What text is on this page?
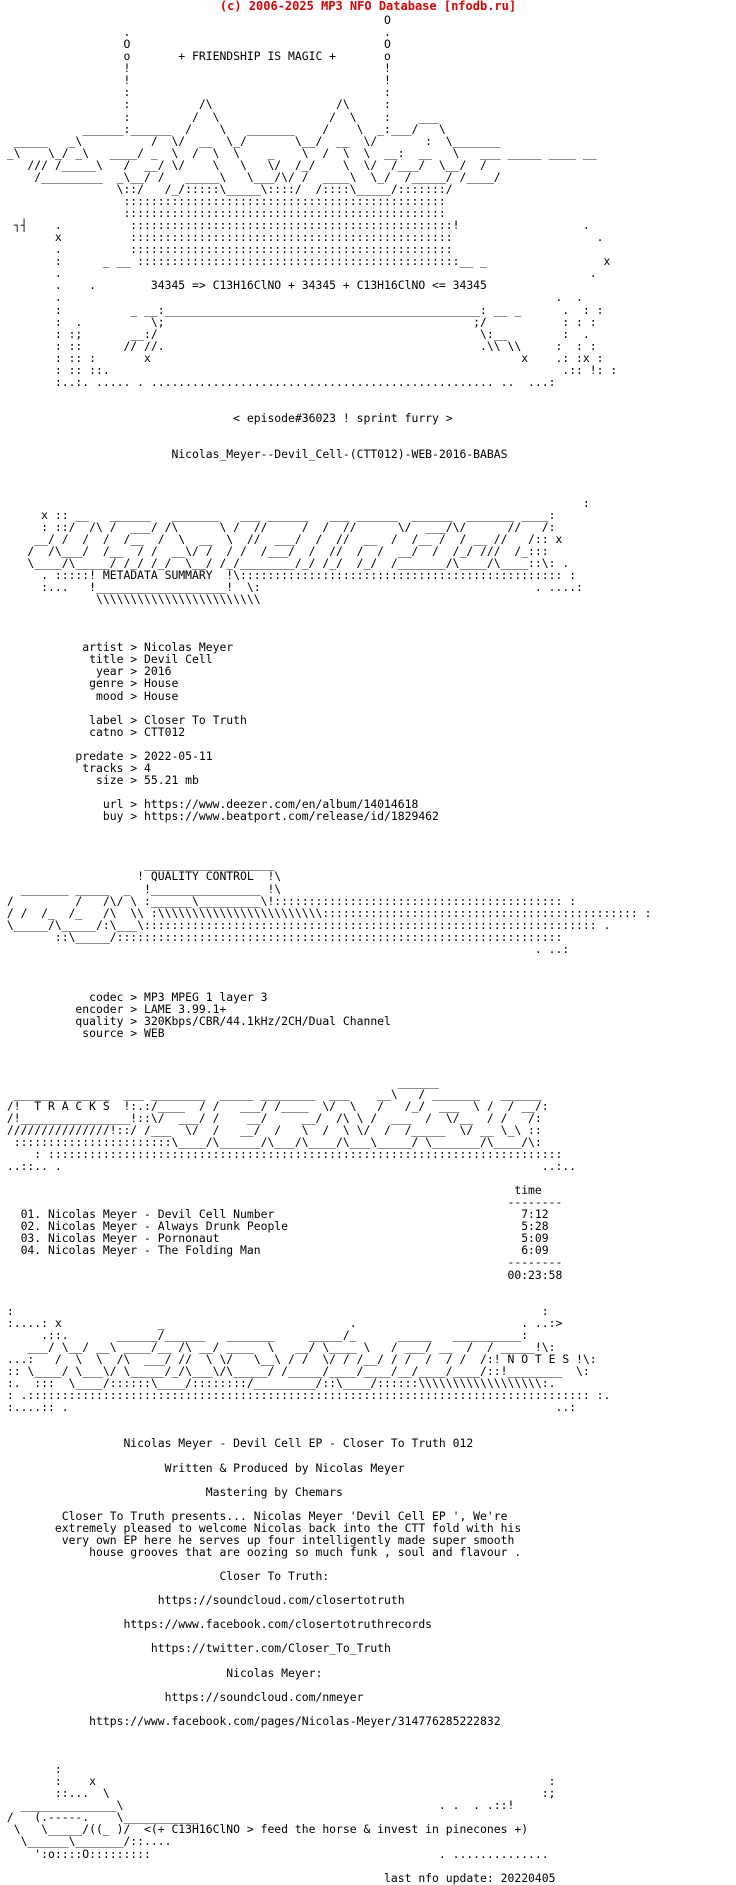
(c) 2006-2025 MP3 NFO Database [nfodb.ru]
O
.                                     .
O                                     O
o       + FRIENDSHIP IS MAGIC +       o
!                                     !
!                                     !
:                                     :
:          /\                  /\     :
:         /  \                /  \    :    ___
______:______  /    \   _______    /    \  _:___/   \
_____   _\          /  \/  __  \_/       \__/  __  \/       :  \_______
_\    \_/ _\   ____/ _  \  /  \  \    _    \  /  \  \  __:  __   \   ___ _____ ____ __
/// /_____\   /  __/ \/    \   \   \/  /_/    \  \/  /___/  \__/  /
/_________  _\__/ /   _____\   \___/\/ /  ____\  \_/  /_____/ /____/
\::/   /_/:::::\_____\::::/  /::::\_____/:::::::/
:::::::::::::::::::::::::::::::::::::::::::::::
:::::::::::::::::::::::::::::::::::::::::::::::
┐┤    .          :::::::::::::::::::::::::::::::::::::::::::::::!                  .
x          :::::::::::::::::::::::::::::::::::::::::::::::                     .
.          :::::::::::::::::::::::::::::::::::::::::::::::
:      _ __ :::::::::::::::::::::::::::::::::::::::::::::::__ _                 x
.                                                                             .
.    .        34345 => C13H16ClNO + 34345 + C13H16ClNO <= 34345
.                                                                        .  .
:          _ __:______________________________________________: __ _      .  : :
:  .          \;                                             ;/           : : :
: :;       __:/                                               \:__        :  .
: ::      // //.                                              .\\ \\     :  : :
: :: :       x                                                      x    .: :x :
: :: ::.                                                                  .:: !: :
:..:. ..... . .................................................. ..  ...:

< episode#36023 ! sprint furry >

Nicolas_Meyer--Devil_Cell-(CTT012)-WEB-2016-BABAS

:
x :: __   ______   _______   ___ ______   ___ ______  ______  _______ ____:
: ::/  /\ /  ___/ /\      \ /  //     /  /  //      \/  ___/\/      //   /:
__/ /  /  /  /__  /  \  __  \  //  ___/  /  //  __  /  /__ /  / __ //   /:: x
/  /\___/  /__  / /  __\/ /  / /  /___/  /  //  /  /  __/  /  /_/ ///  /_:::
\____/\_____/ /_/ /_/  \__/ /_/________/_/ /_/  /_/  /_______/\____/\____::\: .
. :::::! METADATA SUMMARY  !\::::::::::::::::::::::::::::::::::::::::::::::: :
:...   !___________________!  \:                                        . ....:
\\\\\\\\\\\\\\\\\\\\\\\\

artist > Nicolas Meyer
title > Devil Cell
year > 2016
genre > House
mood > House

label > Closer To Truth
catno > CTT012

predate > 2022-05-11
tracks > 4
size > 55.21 mb

url > https://www.deezer.com/en/album/14014618
buy > https://www.beatport.com/release/id/1829462

___________________
! QUALITY CONTROL  !\
_______ _____  _  !________________ !\
/         /   /\/ \ :______\_________\!:::::::::::::::::::::::::::::::::::::::::: :
/ /  /_  /_   /\  \\ :\\\\\\\\\\\\\\\\\\\\\\\\:::::::::::::::::::::::::::::::::::::::::::::: :
\_____/\_____/:\___\:::::::::::::::::::::::::::::::::::::::::::::::::::::::::::::::::: .
::\_____/:::::::::::::::::::::::::::::::::::::::::::::::::::::::::::::::::
. ..:

codec > MP3 MPEG 1 layer 3
encoder > LAME 3.99.1+
quality > 320Kbps/CBR/44.1kHz/2CH/Dual Channel
source > WEB

______
______________  ___ ________  _____ ________  ___    __\   / _______   ______
/!  T R A C K S  !:.:/____  / /   ___/ /____  \/  \   /   /_/  ___  \ /  / __/:
/!________________!::\/  ___/ /    __/     __/  /\ \ /  ___  /  \/__  / /   /:
///////////////!::/ /___  \/  /   __/  /   \  /  \ \/  /  /_____  \/ __ \_\ ::
:::::::::::::::::::::::\____/\______/\___/\____/\___\_____/ \_______/\____/\:
: :::::::::::::::::::::::::::::::::::::::::::::::::::::::::::::::::::::::::::
..::.. .                                                                      ..:..

time
--------
01. Nicolas Meyer - Devil Cell Number                                    7:12
02. Nicolas Meyer - Always Drunk People                                  5:28
03. Nicolas Meyer - Pornonaut                                            5:09
04. Nicolas Meyer - The Folding Man                                      6:09
--------
00:23:58

:                                                                             :
:....: x              _                           .                        . ..:>
.::.       ______/______   _______     _____/_      _____   __________:
___/ \__/ __\ ____/__ /\ __/ ____  \   __/ \____ \   / ___/ __  /  / _____!\:
...:   /  \  \  /\  ___/ //  \ \/   \__\ / /  \/ / /__/ / /  /  / /  /:! N O T E S !\:
:: \____/ \___\/ \_____/_/\___\/\_____/ /_____/____/____/__/____/____/::!________  \:
:.  :::  \____/::::::\____/::::::::/_________/::\____/::::::\\\\\\\\\\\\\\\\\\:.
: .:::::::::::::::::::::::::::::::::::::::::::::::::::::::::::::::::::::::::::::::::: :.
:....:: .                                                                       ..:

Nicolas Meyer - Devil Cell EP - Closer To Truth 012

Written & Produced by Nicolas Meyer

Mastering by Chemars

Closer To Truth presents... Nicolas Meyer 'Devil Cell EP ', We're
extremely pleased to welcome Nicolas back into the CTT fold with his
very own EP here he serves up four intelligently made super smooth
house grooves that are oozing so much funk , soul and flavour .

Closer To Truth:

https://soundcloud.com/closertotruth

https://www.facebook.com/closertotruthrecords

https://twitter.com/Closer_To_Truth

Nicolas Meyer:

https://soundcloud.com/nmeyer

https://www.facebook.com/pages/Nicolas-Meyer/314776285222832

:
:    x                                                                  :
::...  \                                                               :;
______________\                                              . .  . .::!
/   (.-----.    \___________
\   \_____/((_ )/  <(+ C13H16ClNO > feed the horse & invest in pinecones +)
\______\_______/::....
':o::::O:::::::::                                          . ..............

last nfo update: 20220405
